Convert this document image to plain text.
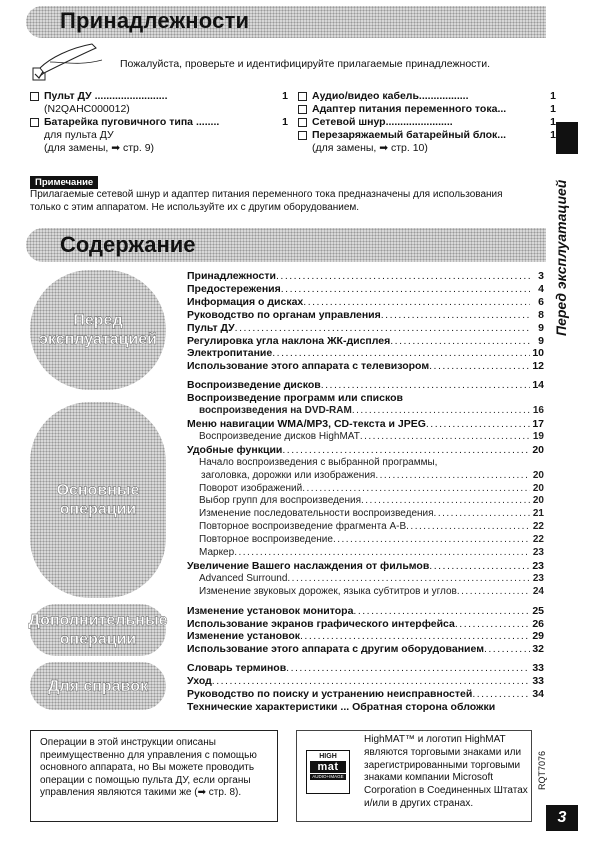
Принадлежности

Пожалуйста, проверьте и идентифицируйте прилагаемые принадлежности.

Пульт ДУ .........................	1
(N2QAHC000012)
Батарейка пуговичного типа ........	1
для пульта ДУ
(для замены, ➡ стр. 9)
Аудио/видео кабель.................	1
Адаптер питания переменного тока...	1
Сетевой шнур.......................	1
Перезаряжаемый батарейный блок...	1
(для замены, ➡ стр. 10)
Примечание

Прилагаемые сетевой шнур и адаптер питания переменного тока предназначены для использования только с этим аппаратом. Не используйте их с другим оборудованием.	Перед эксплуатацией
Содержание
Перед эксплуатацией
Основные операции
Дополнительные операции
Для справок
Принадлежности .....	3
Предостережения .....	4
Информация о дисках .....	6
Руководство по органам управления .....	8
Пульт ДУ .....	9
Регулировка угла наклона ЖК-дисплея .....	9
Электропитание .....	10
Использование этого аппарата с телевизором .....	12
Воспроизведение дисков .....	14
Воспроизведение программ или списков
воспроизведения на DVD-RAM .....	16
Меню навигации WMA/MP3, CD-текста и JPEG .....	17
Воспроизведение дисков HighMAT .....	19
Удобные функции .....	20
Начало воспроизведения с выбранной программы,
заголовка, дорожки или изображения .....	20
Поворот изображений .....	20
Выбор групп для воспроизведения .....	20
Изменение последовательности воспроизведения .....	21
Повторное воспроизведение фрагмента A-B .....	22
Повторное воспроизведение .....	22
Маркер .....	23
Увеличение Вашего наслаждения от фильмов .....	23
Advanced Surround .....	23
Изменение звуковых дорожек, языка субтитров и углов .....	24
Изменение установок монитора .....	25
Использование экранов графического интерфейса .....	26
Изменение установок .....	29
Использование этого аппарата с другим оборудованием .....	32
Словарь терминов .....	33
Уход .....	33
Руководство по поиску и устранению неисправностей .....	34
Технические характеристики ... Обратная сторона обложки

Операции в этой инструкции описаны преимущественно для управления с помощью основного аппарата, но Вы можете проводить операции с помощью пульта ДУ, если органы управления являются такими же (➡ стр. 8).

HIGH
mat
AUDIO+IMAGE

HighMAT™ и логотип HighMAT являются торговыми знаками или зарегистрированными торговыми знаками компании Microsoft Corporation в Соединенных Штатах и/или в других странах.

RQT7076
3
